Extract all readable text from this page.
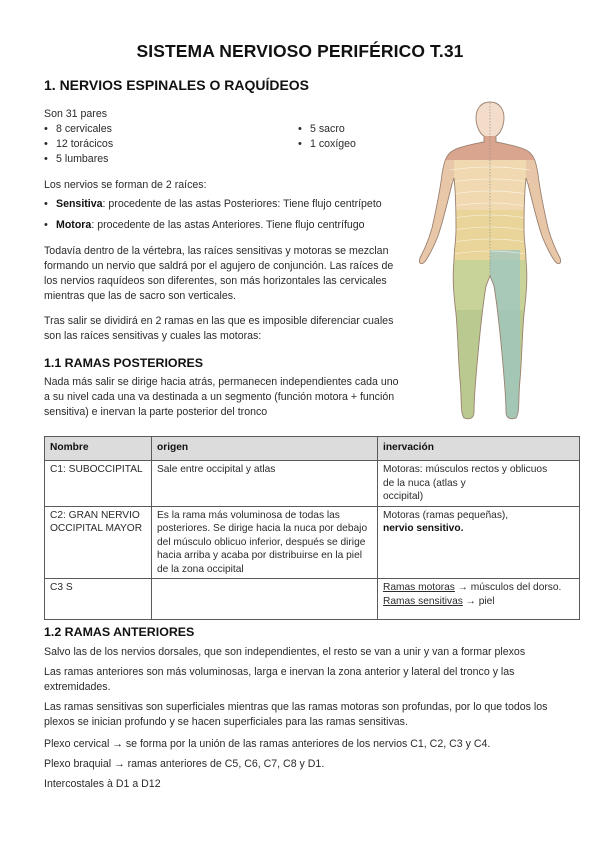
SISTEMA NERVIOSO PERIFÉRICO T.31
1. NERVIOS ESPINALES O RAQUÍDEOS
Son 31 pares
• 8 cervicales
• 12 torácicos
• 5 lumbares
• 5 sacro
• 1 coxígeo
Los nervios se forman de 2 raíces:
• Sensitiva: procedente de las astas Posteriores: Tiene flujo centrípeto
• Motora: procedente de las astas Anteriores. Tiene flujo centrífugo
Todavía dentro de la vértebra, las raíces sensitivas y motoras se mezclan formando un nervio que saldrá por el agujero de conjunción. Las raíces de los nervios raquídeos son diferentes, son más horizontales las cervicales mientras que las de sacro son verticales.
Tras salir se dividirá en 2 ramas en las que es imposible diferenciar cuales son las raíces sensitivas y cuales las motoras:
1.1 RAMAS POSTERIORES
Nada más salir se dirige hacia atrás, permanecen independientes cada uno a su nivel cada una va destinada a un segmento (función motora + función sensitiva) e inervan la parte posterior del tronco
Nombre	origen	inervación
C1: SUBOCCIPITAL	Sale entre occipital y atlas	Motoras: músculos rectos y oblicuos
de la nuca (atlas y
occipital)

C2: GRAN NERVIO OCCIPITAL MAYOR	Es la rama más voluminosa de todas las posteriores. Se dirige hacia la nuca por debajo del músculo oblicuo inferior, después se dirige hacia arriba y acaba por distribuirse en la piel de la zona occipital	Motoras (ramas pequeñas),
nervio sensitivo.

C3 S		Ramas motoras → músculos del dorso.
Ramas sensitivas → piel
1.2 RAMAS ANTERIORES
Salvo las de los nervios dorsales, que son independientes, el resto se van a unir y van a formar plexos
Las ramas anteriores son más voluminosas, larga e inervan la zona anterior y lateral del tronco y las extremidades.
Las ramas sensitivas son superficiales mientras que las ramas motoras son profundas, por lo que todos los plexos se inician profundo y se hacen superficiales para las ramas sensitivas.
Plexo cervical → se forma por la unión de las ramas anteriores de los nervios C1, C2, C3 y C4.
Plexo braquial → ramas anteriores de C5, C6, C7, C8 y D1.
Intercostales à D1 a D12
